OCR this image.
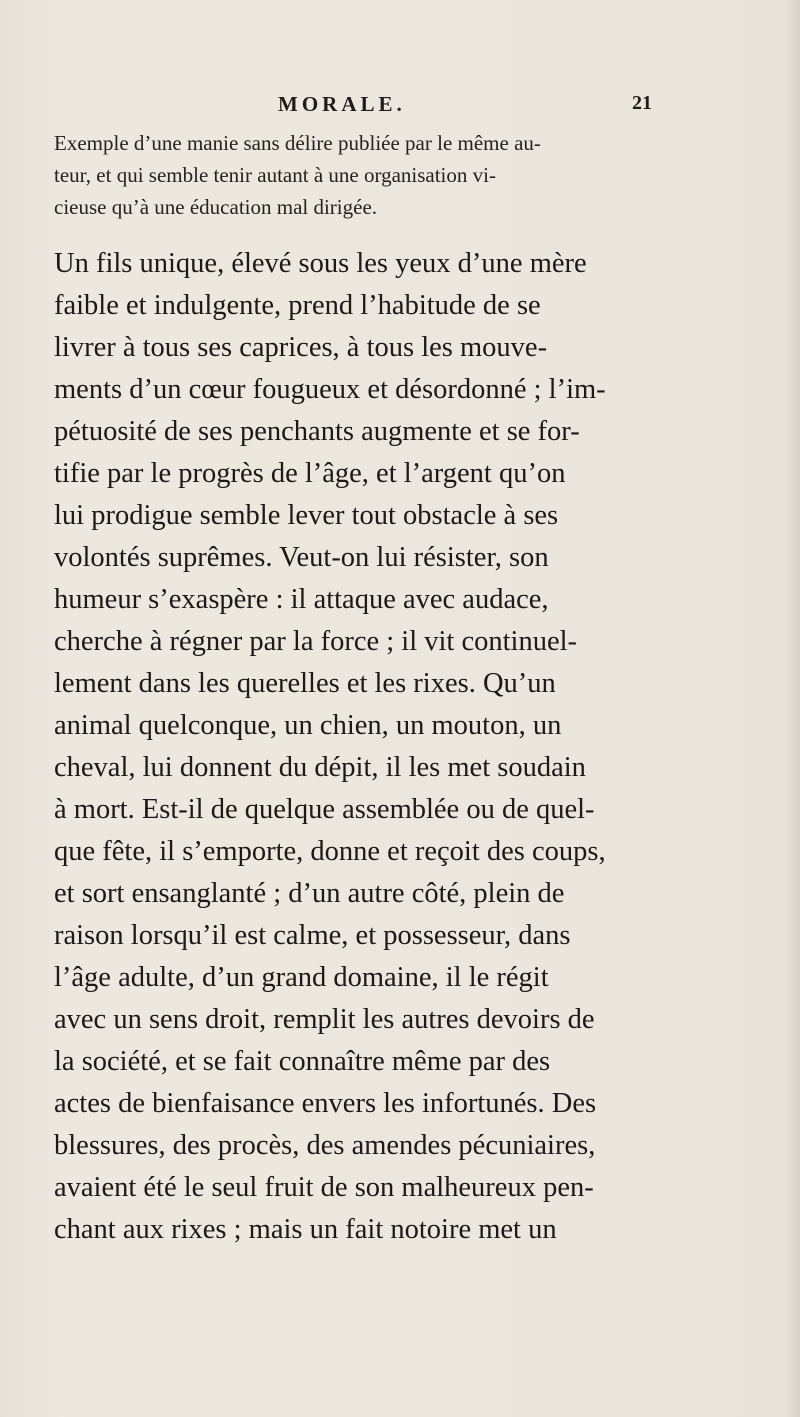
MORALE.	21
Exemple d’une manie sans délire publiée par le même au-
teur, et qui semble tenir autant à une organisation vi-
cieuse qu’à une éducation mal dirigée.
Un fils unique, élevé sous les yeux d’une mère
faible et indulgente, prend l’habitude de se
livrer à tous ses caprices, à tous les mouve-
ments d’un cœur fougueux et désordonné ; l’im-
pétuosité de ses penchants augmente et se for-
tifie par le progrès de l’âge, et l’argent qu’on
lui prodigue semble lever tout obstacle à ses
volontés suprêmes. Veut-on lui résister, son
humeur s’exaspère : il attaque avec audace,
cherche à régner par la force ; il vit continuel-
lement dans les querelles et les rixes. Qu’un
animal quelconque, un chien, un mouton, un
cheval, lui donnent du dépit, il les met soudain
à mort. Est-il de quelque assemblée ou de quel-
que fête, il s’emporte, donne et reçoit des coups,
et sort ensanglanté ; d’un autre côté, plein de
raison lorsqu’il est calme, et possesseur, dans
l’âge adulte, d’un grand domaine, il le régit
avec un sens droit, remplit les autres devoirs de
la société, et se fait connaître même par des
actes de bienfaisance envers les infortunés. Des
blessures, des procès, des amendes pécuniaires,
avaient été le seul fruit de son malheureux pen-
chant aux rixes ; mais un fait notoire met un
